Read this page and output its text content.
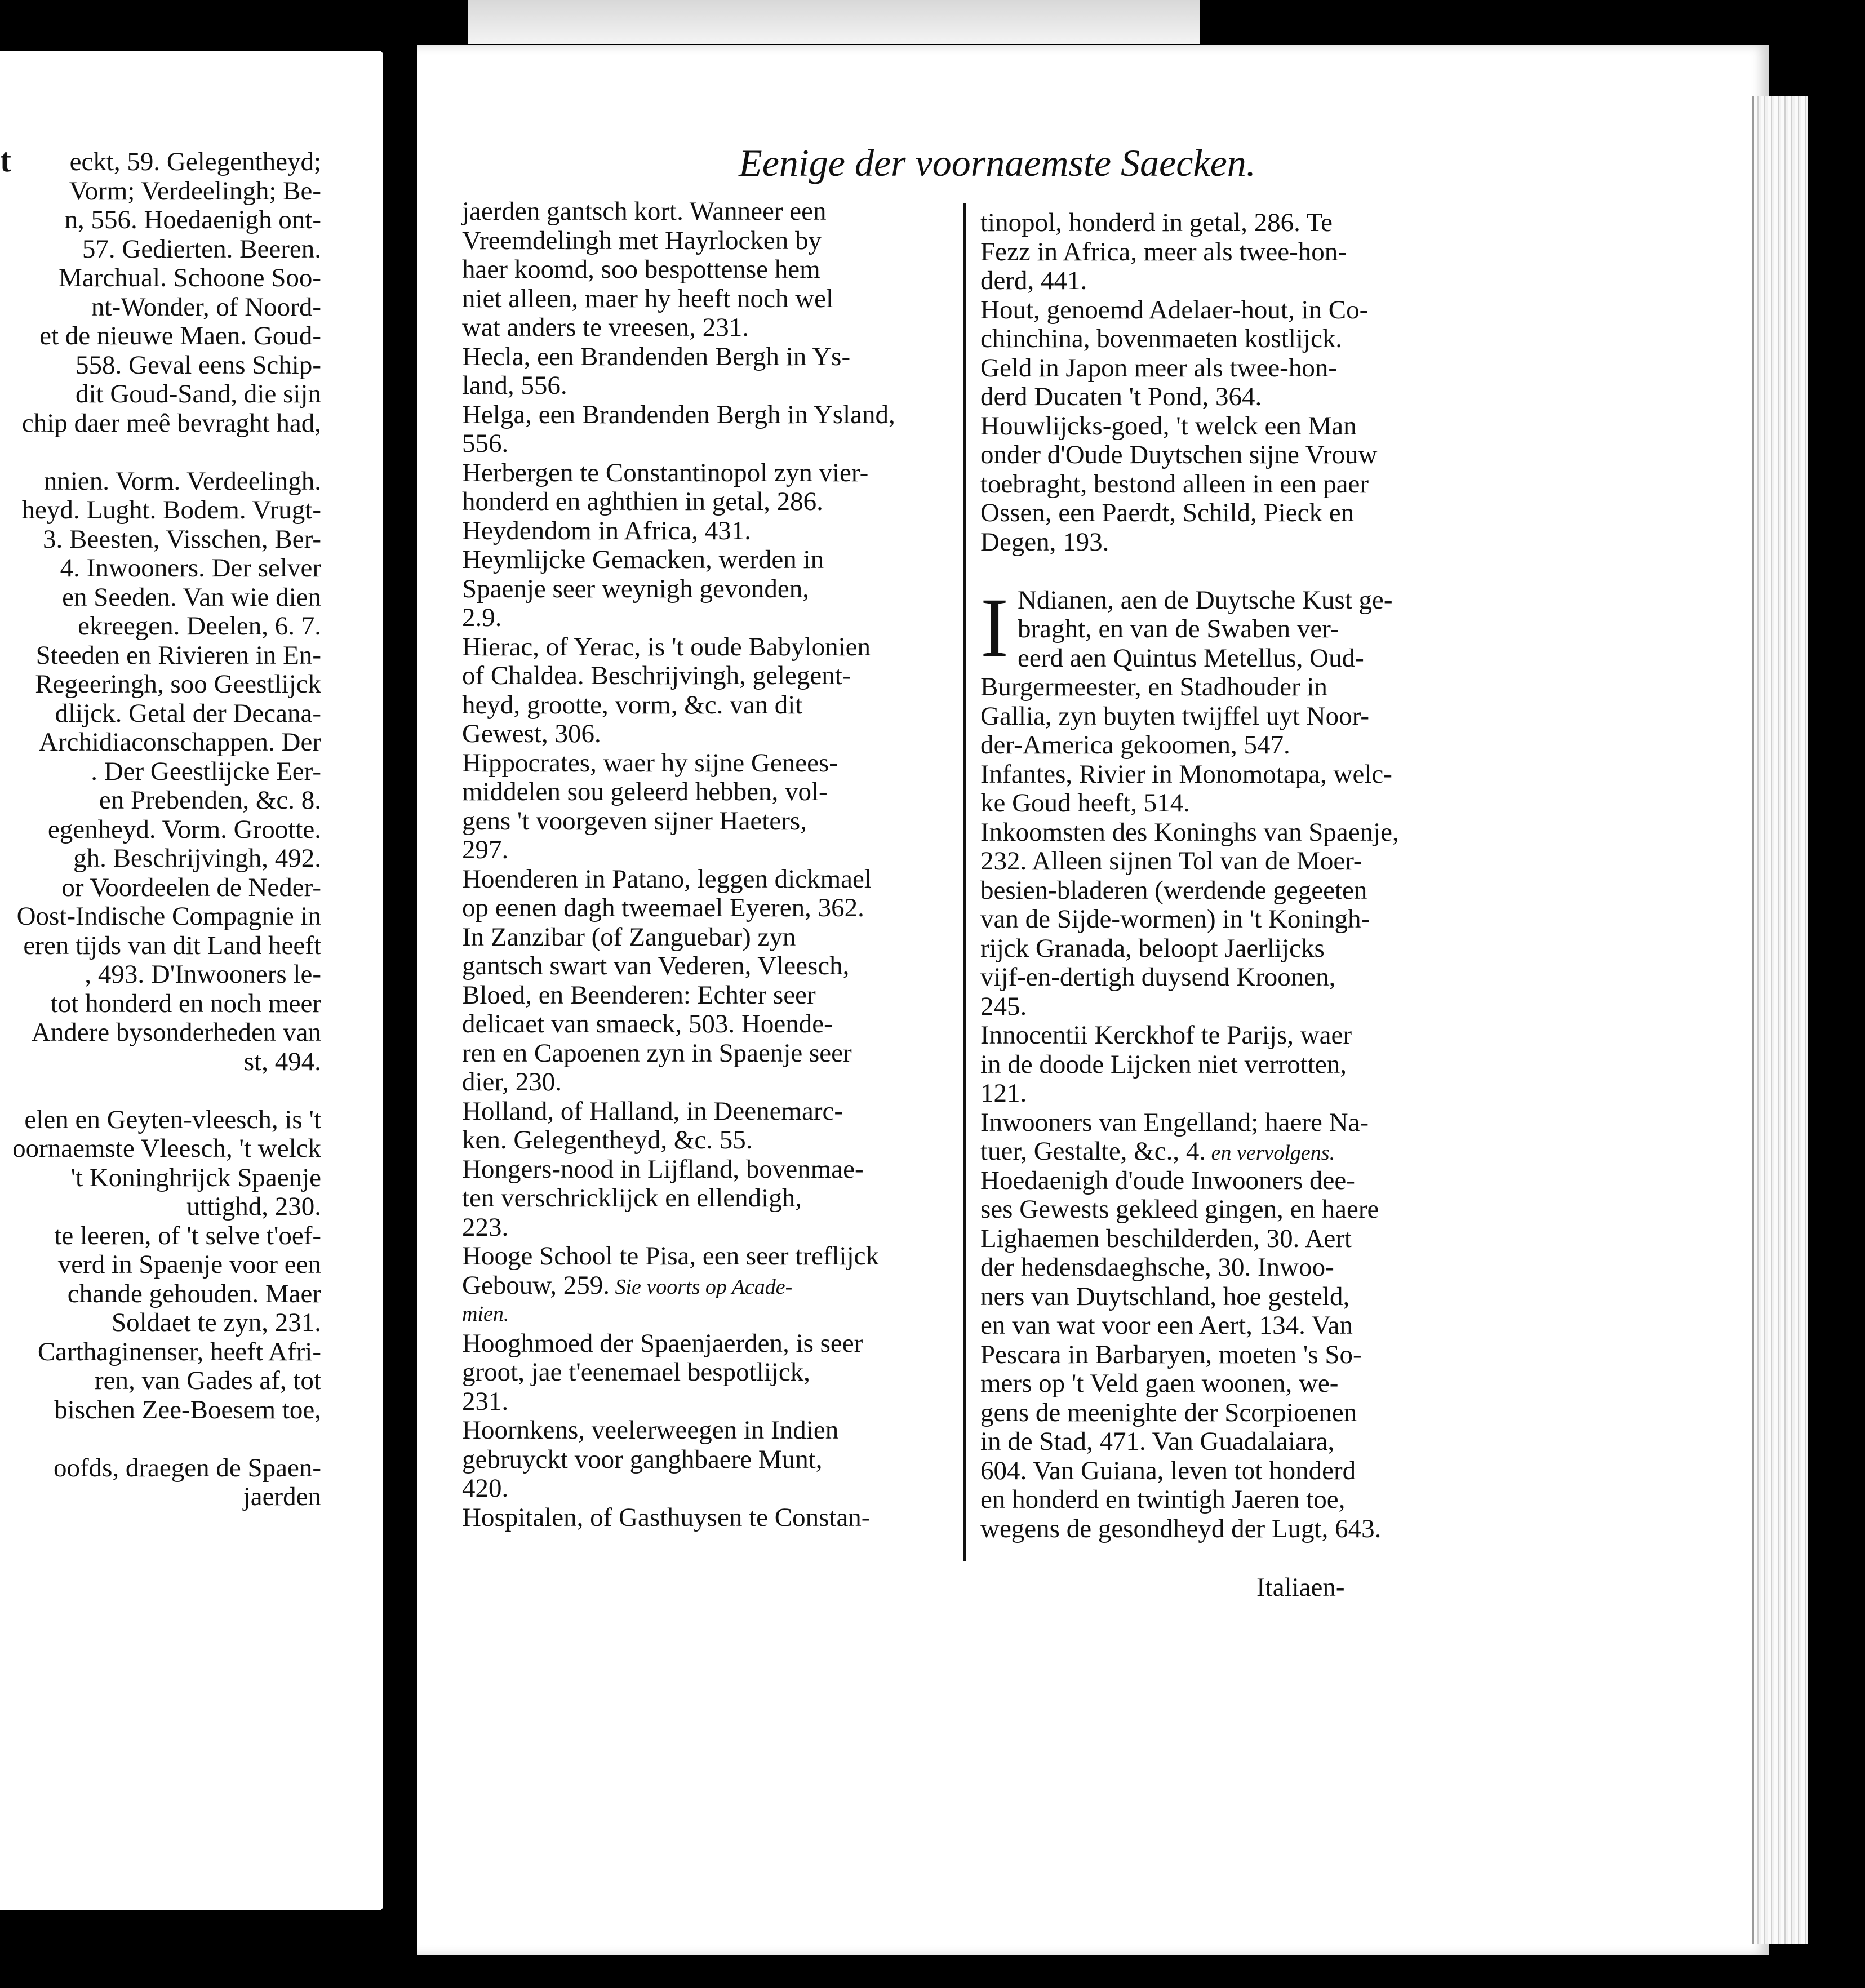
t	eckt, 59. Gelegentheyd;
Vorm; Verdeelingh; Be-
n, 556. Hoedaenigh ont-
57. Gedierten. Beeren.
Marchual. Schoone Soo-
nt-Wonder, of Noord-
et de nieuwe Maen. Goud-
558. Geval eens Schip-
dit Goud-Sand, die sijn
chip daer meê bevraght had,
nnien. Vorm. Verdeelingh.
heyd. Lught. Bodem. Vrugt-
3. Beesten, Visschen, Ber-
4. Inwooners. Der selver
en Seeden. Van wie dien
ekreegen. Deelen, 6. 7.
Steeden en Rivieren in En-
Regeeringh, soo Geestlijck
dlijck. Getal der Decana-
Archidiaconschappen. Der
. Der Geestlijcke Eer-
en Prebenden, &c. 8.
egenheyd. Vorm. Grootte.
gh. Beschrijvingh, 492.
or Voordeelen de Neder-
Oost-Indische Compagnie in
eren tijds van dit Land heeft
, 493. D'Inwooners le-
tot honderd en noch meer
Andere bysonderheden van
st, 494.
elen en Geyten-vleesch, is 't
oornaemste Vleesch, 't welck
't Koninghrijck Spaenje
uttighd, 230.
te leeren, of 't selve t'oef-
verd in Spaenje voor een
chande gehouden. Maer
Soldaet te zyn, 231.
Carthaginenser, heeft Afri-
ren, van Gades af, tot
bischen Zee-Boesem toe,
oofds, draegen de Spaen-
jaerden
Eenige der voornaemste Saecken.
jaerden gantsch kort. Wanneer een
Vreemdelingh met Hayrlocken by
haer koomd, soo bespottense hem
niet alleen, maer hy heeft noch wel
wat anders te vreesen, 231.
Hecla, een Brandenden Bergh in Ys-
land, 556.
Helga, een Brandenden Bergh in Ysland,
556.
Herbergen te Constantinopol zyn vier-
honderd en aghthien in getal, 286.
Heydendom in Africa, 431.
Heymlijcke Gemacken, werden in
Spaenje seer weynigh gevonden,
2.9.
Hierac, of Yerac, is 't oude Babylonien
of Chaldea. Beschrijvingh, gelegent-
heyd, grootte, vorm, &c. van dit
Gewest, 306.
Hippocrates, waer hy sijne Genees-
middelen sou geleerd hebben, vol-
gens 't voorgeven sijner Haeters,
297.
Hoenderen in Patano, leggen dickmael
op eenen dagh tweemael Eyeren, 362.
In Zanzibar (of Zanguebar) zyn
gantsch swart van Vederen, Vleesch,
Bloed, en Beenderen: Echter seer
delicaet van smaeck, 503. Hoende-
ren en Capoenen zyn in Spaenje seer
dier, 230.
Holland, of Halland, in Deenemarc-
ken. Gelegentheyd, &c. 55.
Hongers-nood in Lijfland, bovenmae-
ten verschricklijck en ellendigh,
223.
Hooge School te Pisa, een seer treflijck
Gebouw, 259. Sie voorts op Acade-
mien.
Hooghmoed der Spaenjaerden, is seer
groot, jae t'eenemael bespotlijck,
231.
Hoornkens, veelerweegen in Indien
gebruyckt voor ganghbaere Munt,
420.
Hospitalen, of Gasthuysen te Constan-
tinopol, honderd in getal, 286. Te
Fezz in Africa, meer als twee-hon-
derd, 441.
Hout, genoemd Adelaer-hout, in Co-
chinchina, bovenmaeten kostlijck.
Geld in Japon meer als twee-hon-
derd Ducaten 't Pond, 364.
Houwlijcks-goed, 't welck een Man
onder d'Oude Duytschen sijne Vrouw
toebraght, bestond alleen in een paer
Ossen, een Paerdt, Schild, Pieck en
Degen, 193.
I Ndianen, aen de Duytsche Kust ge-
braght, en van de Swaben ver-
eerd aen Quintus Metellus, Oud-
Burgermeester, en Stadhouder in
Gallia, zyn buyten twijffel uyt Noor-
der-America gekoomen, 547.
Infantes, Rivier in Monomotapa, welc-
ke Goud heeft, 514.
Inkoomsten des Koninghs van Spaenje,
232. Alleen sijnen Tol van de Moer-
besien-bladeren (werdende gegeeten
van de Sijde-wormen) in 't Koningh-
rijck Granada, beloopt Jaerlijcks
vijf-en-dertigh duysend Kroonen,
245.
Innocentii Kerckhof te Parijs, waer
in de doode Lijcken niet verrotten,
121.
Inwooners van Engelland; haere Na-
tuer, Gestalte, &c., 4. en vervolgens.
Hoedaenigh d'oude Inwooners dee-
ses Gewests gekleed gingen, en haere
Lighaemen beschilderden, 30. Aert
der hedensdaeghsche, 30. Inwoo-
ners van Duytschland, hoe gesteld,
en van wat voor een Aert, 134. Van
Pescara in Barbaryen, moeten 's So-
mers op 't Veld gaen woonen, we-
gens de meenighte der Scorpioenen
in de Stad, 471. Van Guadalaiara,
604. Van Guiana, leven tot honderd
en honderd en twintigh Jaeren toe,
wegens de gesondheyd der Lugt, 643.
Italiaen-
